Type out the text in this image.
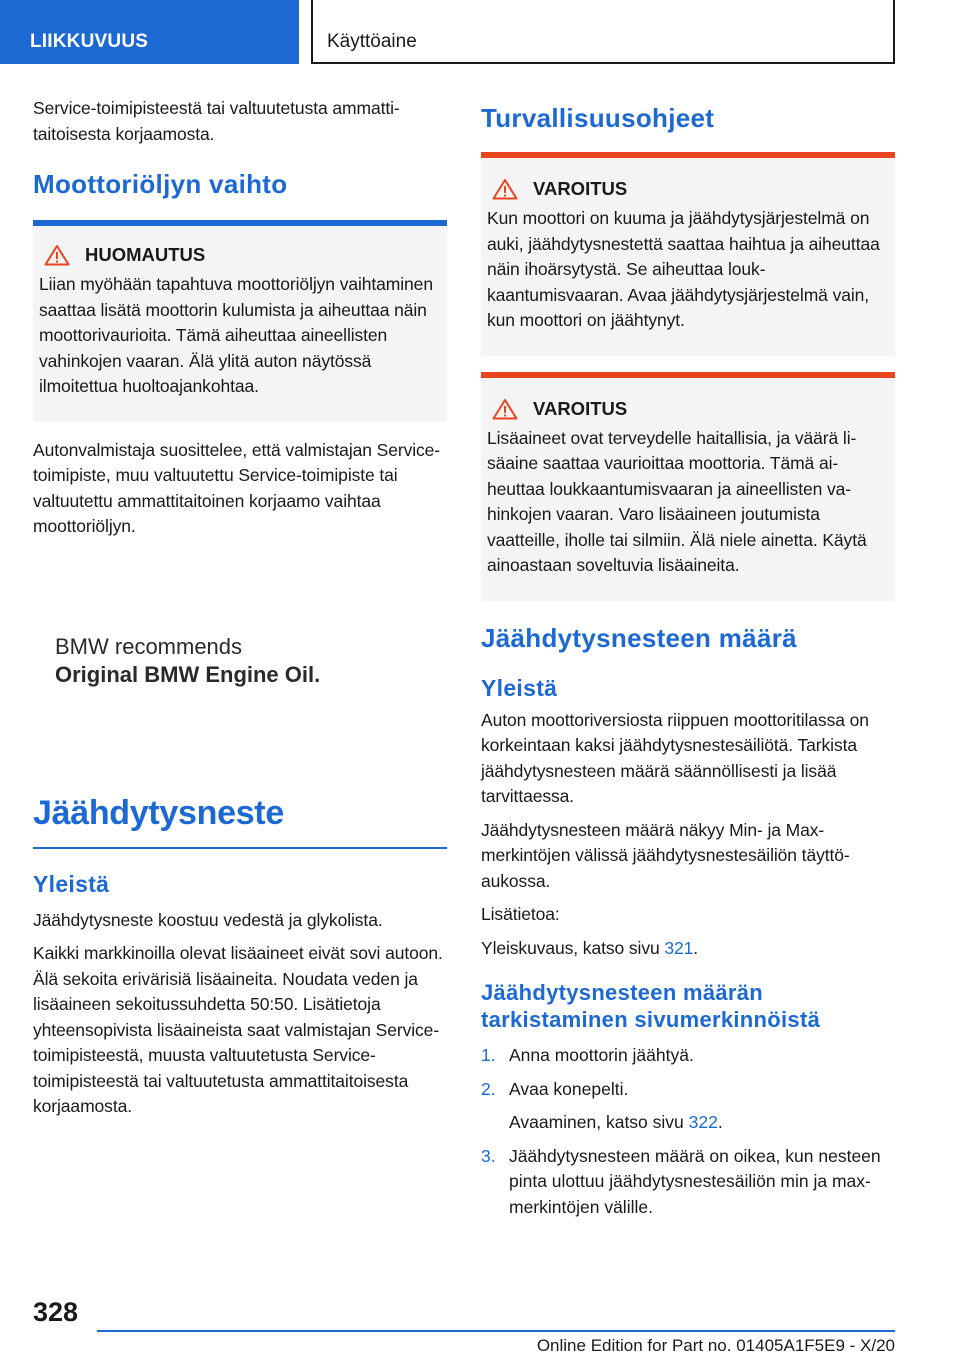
LIIKKUVUUS	Käyttöaine

Service-toimipisteestä tai valtuutetusta ammattitaitoisesta korjaamosta.

Moottoriöljyn vaihto
HUOMAUTUS

Liian myöhään tapahtuva moottoriöljyn vaihtaminen saattaa lisätä moottorin kulumista ja aiheuttaa näin moottorivaurioita. Tämä aiheuttaa aineellisten vahinkojen vaaran. Älä ylitä auton näytössä ilmoitettua huoltoajankohtaa.

Autonvalmistaja suosittelee, että valmistajan Service-toimipiste, muu valtuutettu Service-toimipiste tai valtuutettu ammattitaitoinen korjaamo vaihtaa moottoriöljyn.

BMW recommends
Original BMW Engine Oil.
Jäähdytysneste
Yleistä

Jäähdytysneste koostuu vedestä ja glykolista.

Kaikki markkinoilla olevat lisäaineet eivät sovi autoon. Älä sekoita erivärisiä lisäaineita. Noudata veden ja lisäaineen sekoitussuhdetta 50:50. Lisätietoja yhteensopivista lisäaineista saat valmistajan Service-toimipisteestä, muusta valtuutetusta Service-toimipisteestä tai valtuutetusta ammattitaitoisesta korjaamosta.

Turvallisuusohjeet
VAROITUS

Kun moottori on kuuma ja jäähdytysjärjestelmä on auki, jäähdytysnestettä saattaa haihtua ja aiheuttaa näin ihoärsytystä. Se aiheuttaa loukkaantumisvaaran. Avaa jäähdytysjärjestelmä vain, kun moottori on jäähtynyt.

VAROITUS

Lisäaineet ovat terveydelle haitallisia, ja väärä lisäaine saattaa vaurioittaa moottoria. Tämä aiheuttaa loukkaantumisvaaran ja aineellisten vahinkojen vaaran. Varo lisäaineen joutumista vaatteille, iholle tai silmiin. Älä niele ainetta. Käytä ainoastaan soveltuvia lisäaineita.

Jäähdytysnesteen määrä
Yleistä

Auton moottoriversiosta riippuen moottoritilassa on korkeintaan kaksi jäähdytysnestesäiliötä. Tarkista jäähdytysnesteen määrä säännöllisesti ja lisää tarvittaessa.

Jäähdytysnesteen määrä näkyy Min- ja Max-merkintöjen välissä jäähdytysnestesäiliön täyttöaukossa.

Lisätietoa:

Yleiskuvaus, katso sivu 321.

Jäähdytysnesteen määrän tarkistaminen sivumerkinnöistä
1. Anna moottorin jäähtyä.
2. Avaa konepelti.
Avaaminen, katso sivu 322.
3. Jäähdytysnesteen määrä on oikea, kun nesteen pinta ulottuu jäähdytysnestesäiliön min ja max-merkintöjen välille.
328
Online Edition for Part no. 01405A1F5E9 - X/20
